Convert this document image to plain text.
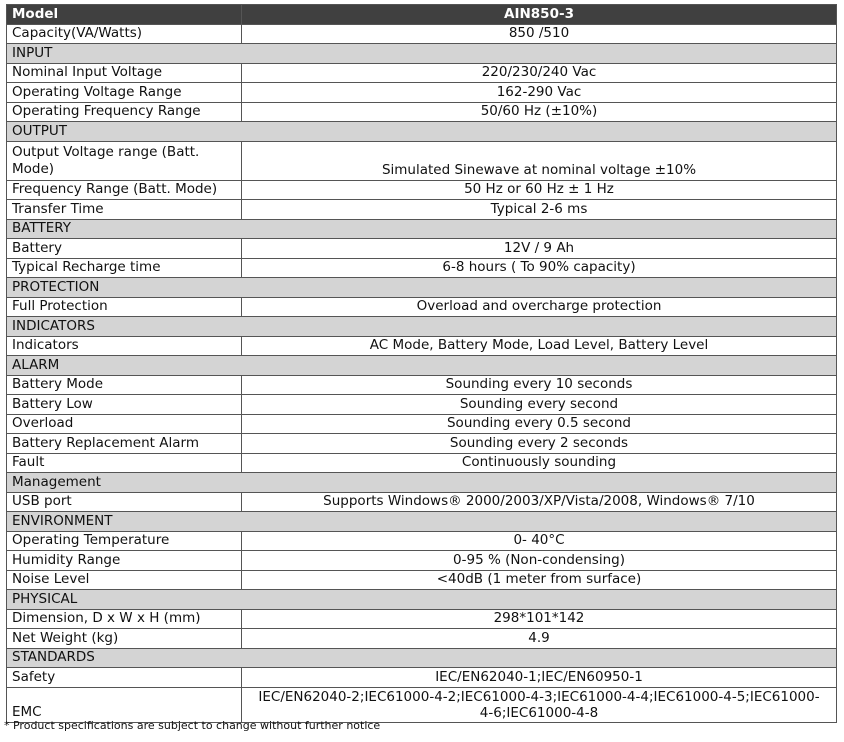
Model	AIN850-3
Capacity(VA/Watts)	850 /510
INPUT	
Nominal Input Voltage	220/230/240 Vac
Operating Voltage Range	162-290 Vac
Operating Frequency Range	50/60 Hz (±10%)
OUTPUT	
Output Voltage range (Batt. Mode)	Simulated Sinewave at nominal voltage ±10%
Frequency Range (Batt. Mode)	50 Hz or 60 Hz ± 1 Hz
Transfer Time	Typical 2-6 ms
BATTERY	
Battery	12V / 9 Ah
Typical Recharge time	6-8 hours ( To 90% capacity)
PROTECTION	
Full Protection	Overload and overcharge protection
INDICATORS	
Indicators	AC Mode, Battery Mode, Load Level, Battery Level
ALARM	
Battery Mode	Sounding every 10 seconds
Battery Low	Sounding every second
Overload	Sounding every 0.5 second
Battery Replacement Alarm	Sounding every 2 seconds
Fault	Continuously sounding
Management	
USB port	Supports Windows® 2000/2003/XP/Vista/2008, Windows® 7/10
ENVIRONMENT	
Operating Temperature	0- 40°C
Humidity Range	0-95 % (Non-condensing)
Noise Level	<40dB (1 meter from surface)
PHYSICAL	
Dimension, D x W x H (mm)	298*101*142
Net Weight (kg)	4.9
STANDARDS	
Safety	IEC/EN62040-1;IEC/EN60950-1
EMC	IEC/EN62040-2;IEC61000-4-2;IEC61000-4-3;IEC61000-4-4;IEC61000-4-5;IEC61000-4-6;IEC61000-4-8
* Product specifications are subject to change without further notice
